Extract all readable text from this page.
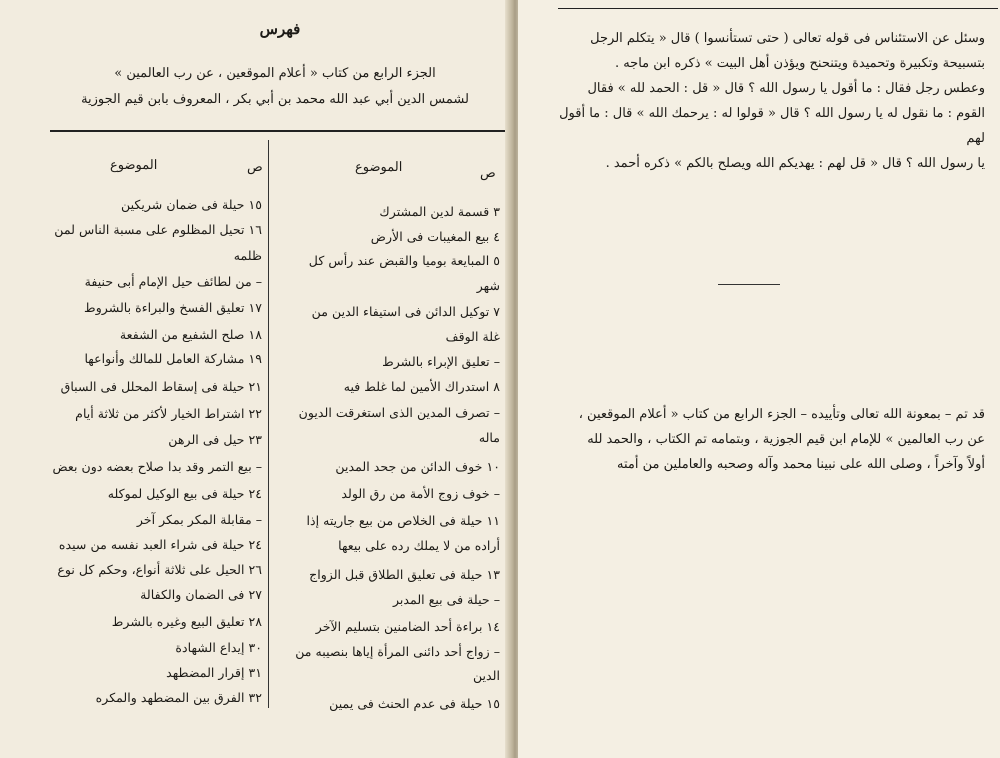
فهرس
الجزء الرابع من كتاب « أعلام الموقعين ، عن رب العالمين »
لشمس الدين أبي عبد الله محمد بن أبي بكر ، المعروف بابن قيم الجوزية
ص
الموضوع
ص
الموضوع
٣ قسمة لدين المشترك
٤ بيع المغيبات فى الأرض
٥ المبايعة بوميا والقبض عند رأس كل
شهر
٧ توكيل الدائن فى استيفاء الدين من
غلة الوقف
– تعليق الإبراء بالشرط
٨ استدراك الأمين لما غلط فيه
– تصرف المدين الذى استغرقت الديون
ماله
١٠ خوف الدائن من جحد المدين
– خوف زوج الأمة من رق الولد
١١ حيلة فى الخلاص من بيع جاريته إذا
أراده من لا يملك رده على بيعها
١٣ حيلة فى تعليق الطلاق قبل الزواج
– حيلة فى بيع المدبر
١٤ براءة أحد الضامنين بتسليم الآخر
– زواج أحد دائنى المرأة إياها بنصيبه من
الدين
١٥ حيلة فى عدم الحنث فى يمين
١٥ حيلة فى ضمان شريكين
١٦ تحيل المظلوم على مسبة الناس لمن
ظلمه
– من لطائف حيل الإمام أبى حنيفة
١٧ تعليق الفسخ والبراءة بالشروط
١٨ صلح الشفيع من الشفعة
١٩ مشاركة العامل للمالك وأنواعها
٢١ حيلة فى إسقاط المحلل فى السباق
٢٢ اشتراط الخيار لأكثر من ثلاثة أيام
٢٣ حيل فى الرهن
– بيع التمر وقد بدا صلاح بعضه دون بعض
٢٤ حيلة فى بيع الوكيل لموكله
– مقابلة المكر بمكر آخر
٢٤ حيلة فى شراء العبد نفسه من سيده
٢٦ الحيل على ثلاثة أنواع، وحكم كل نوع
٢٧ فى الضمان والكفالة
٢٨ تعليق البيع وغيره بالشرط
٣٠ إيداع الشهادة
٣١ إقرار المضطهد
٣٢ الفرق بين المضطهد والمكره
وسئل عن الاستئناس فى قوله تعالى ( حتى تستأنسوا ) قال « يتكلم الرجل
بتسبيحة وتكبيرة وتحميدة ويتنحنح ويؤذن أهل البيت » ذكره ابن ماجه .
وعطس رجل فقال : ما أقول يا رسول الله ؟ قال « قل : الحمد لله » فقال
القوم : ما نقول له يا رسول الله ؟ قال « قولوا له : يرحمك الله » قال : ما أقول لهم
يا رسول الله ؟ قال « قل لهم : يهديكم الله ويصلح بالكم » ذكره أحمد .
قد تم – بمعونة الله تعالى وتأييده – الجزء الرابع من كتاب « أعلام الموقعين ،
عن رب العالمين » للإمام ابن قيم الجوزية ، وبتمامه تم الكتاب ، والحمد لله
أولاً وآخراً ، وصلى الله على نبينا محمد وآله وصحبه والعاملين من أمته
